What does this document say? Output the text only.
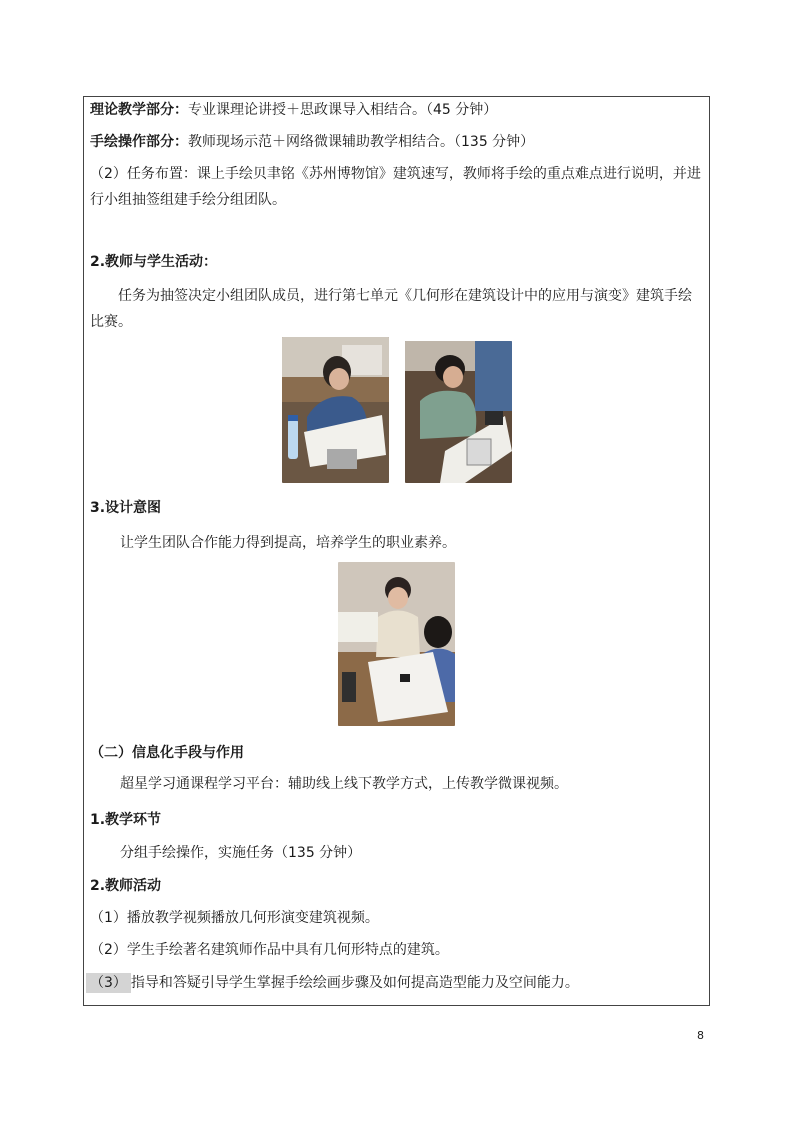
理论教学部分：专业课理论讲授＋思政课导入相结合。（45 分钟）
手绘操作部分：教师现场示范＋网络微课辅助教学相结合。（135 分钟）
（2）任务布置：课上手绘贝聿铭《苏州博物馆》建筑速写，教师将手绘的重点难点进行说明，并进行小组抽签组建手绘分组团队。
2.教师与学生活动：
任务为抽签决定小组团队成员，进行第七单元《几何形在建筑设计中的应用与演变》建筑手绘比赛。
3.设计意图
让学生团队合作能力得到提高，培养学生的职业素养。
（二）信息化手段与作用
超星学习通课程学习平台：辅助线上线下教学方式，上传教学微课视频。
1.教学环节
分组手绘操作，实施任务（135 分钟）
2.教师活动
（1）播放教学视频播放几何形演变建筑视频。
（2）学生手绘著名建筑师作品中具有几何形特点的建筑。
（3） 指导和答疑引导学生掌握手绘绘画步骤及如何提高造型能力及空间能力。
8
